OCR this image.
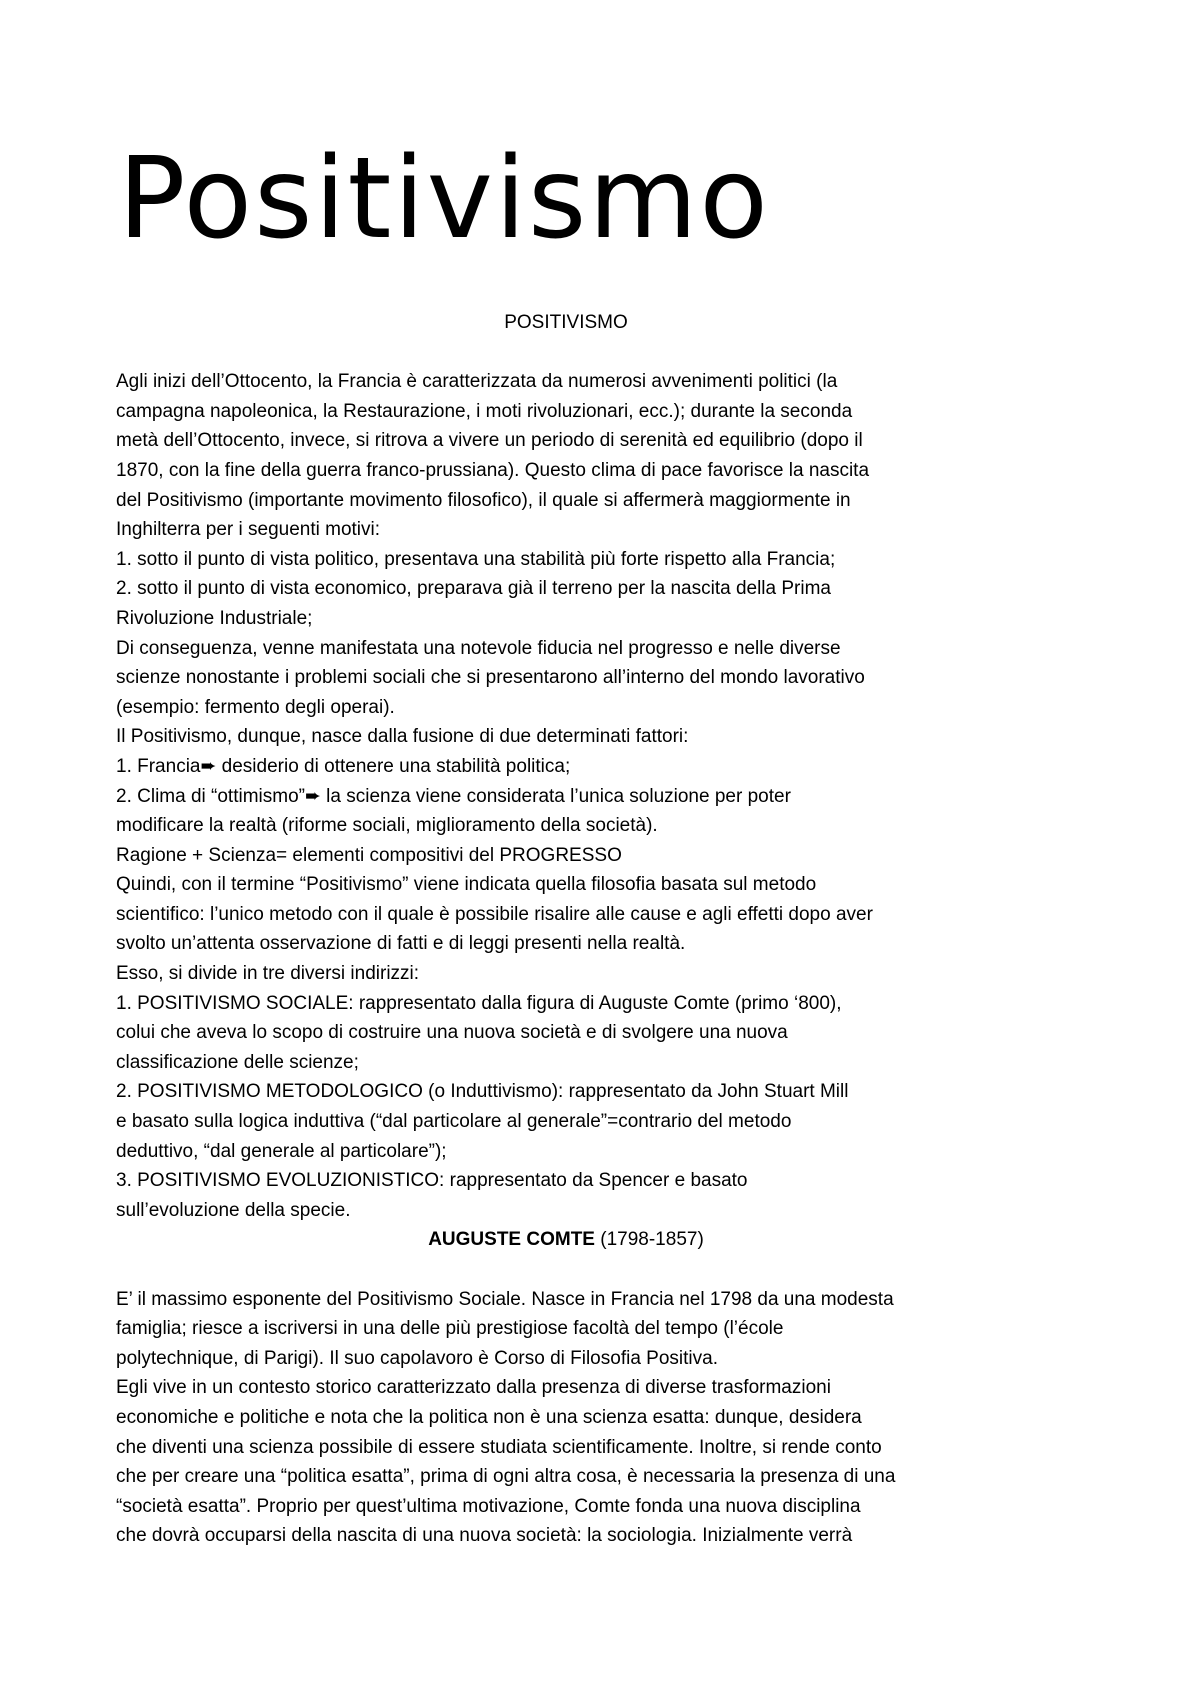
Positivismo

POSITIVISMO

Agli inizi dell’Ottocento, la Francia è caratterizzata da numerosi avvenimenti politici (la

campagna napoleonica, la Restaurazione, i moti rivoluzionari, ecc.); durante la seconda

metà dell’Ottocento, invece, si ritrova a vivere un periodo di serenità ed equilibrio (dopo il

1870, con la fine della guerra franco-prussiana). Questo clima di pace favorisce la nascita

del Positivismo (importante movimento filosofico), il quale si affermerà maggiormente in

Inghilterra per i seguenti motivi:

1. sotto il punto di vista politico, presentava una stabilità più forte rispetto alla Francia;

2. sotto il punto di vista economico, preparava già il terreno per la nascita della Prima

Rivoluzione Industriale;

Di conseguenza, venne manifestata una notevole fiducia nel progresso e nelle diverse

scienze nonostante i problemi sociali che si presentarono all’interno del mondo lavorativo

(esempio: fermento degli operai).

Il Positivismo, dunque, nasce dalla fusione di due determinati fattori:

1. Francia➨ desiderio di ottenere una stabilità politica;

2. Clima di “ottimismo”➨ la scienza viene considerata l’unica soluzione per poter

modificare la realtà (riforme sociali, miglioramento della società).

Ragione + Scienza= elementi compositivi del PROGRESSO

Quindi, con il termine “Positivismo” viene indicata quella filosofia basata sul metodo

scientifico: l’unico metodo con il quale è possibile risalire alle cause e agli effetti dopo aver

svolto un’attenta osservazione di fatti e di leggi presenti nella realtà.

Esso, si divide in tre diversi indirizzi:

1. POSITIVISMO SOCIALE: rappresentato dalla figura di Auguste Comte (primo ‘800),

colui che aveva lo scopo di costruire una nuova società e di svolgere una nuova

classificazione delle scienze;

2. POSITIVISMO METODOLOGICO (o Induttivismo): rappresentato da John Stuart Mill

e basato sulla logica induttiva (“dal particolare al generale”=contrario del metodo

deduttivo, “dal generale al particolare”);

3. POSITIVISMO EVOLUZIONISTICO: rappresentato da Spencer e basato

sull’evoluzione della specie.

AUGUSTE COMTE (1798-1857)

E’ il massimo esponente del Positivismo Sociale. Nasce in Francia nel 1798 da una modesta

famiglia; riesce a iscriversi in una delle più prestigiose facoltà del tempo (l’école

polytechnique, di Parigi). Il suo capolavoro è Corso di Filosofia Positiva.

Egli vive in un contesto storico caratterizzato dalla presenza di diverse trasformazioni

economiche e politiche e nota che la politica non è una scienza esatta: dunque, desidera

che diventi una scienza possibile di essere studiata scientificamente. Inoltre, si rende conto

che per creare una “politica esatta”, prima di ogni altra cosa, è necessaria la presenza di una

“società esatta”. Proprio per quest’ultima motivazione, Comte fonda una nuova disciplina

che dovrà occuparsi della nascita di una nuova società: la sociologia. Inizialmente verrà
